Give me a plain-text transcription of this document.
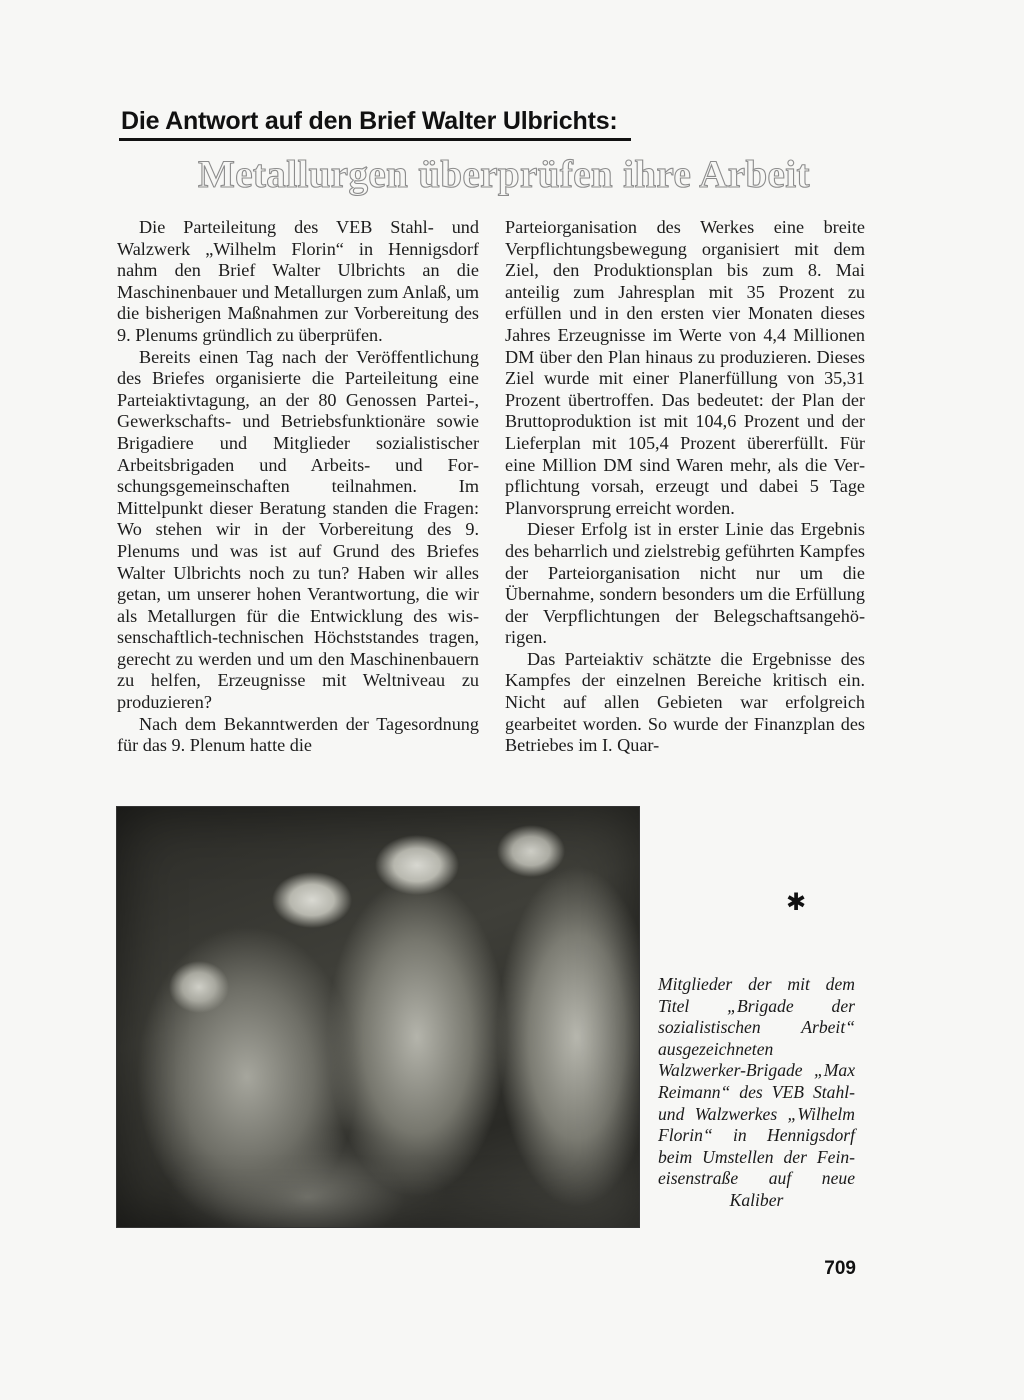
Die Antwort auf den Brief Walter Ulbrichts:
Metallurgen überprüfen ihre Arbeit

Die Parteileitung des VEB Stahl- und Walzwerk „Wilhelm Florin“ in Hennigsdorf nahm den Brief Walter Ulbrichts an die Maschinenbauer und Metallurgen zum Anlaß, um die bisherigen Maßnahmen zur Vorbereitung des 9. Plenums gründlich zu überprüfen.

Bereits einen Tag nach der Veröffentlichung des Briefes organisierte die Parteileitung eine Parteiaktivtagung, an der 80 Genossen Partei-, Gewerkschafts- und Betriebsfunktionäre sowie Brigadiere und Mitglieder sozialistischer Arbeitsbrigaden und Arbeits- und Forschungsgemeinschaften teilnahmen. Im Mittelpunkt dieser Beratung standen die Fragen: Wo stehen wir in der Vorbereitung des 9. Plenums und was ist auf Grund des Briefes Walter Ulbrichts noch zu tun? Haben wir alles getan, um unserer hohen Verantwortung, die wir als Metallurgen für die Entwicklung des wissenschaftlich-technischen Höchststandes tragen, gerecht zu werden und um den Maschinenbauern zu helfen, Erzeugnisse mit Weltniveau zu produzieren?

Nach dem Bekanntwerden der Tagesordnung für das 9. Plenum hatte die

Parteiorganisation des Werkes eine breite Verpflichtungsbewegung organisiert mit dem Ziel, den Produktionsplan bis zum 8. Mai anteilig zum Jahresplan mit 35 Prozent zu erfüllen und in den ersten vier Monaten dieses Jahres Erzeugnisse im Werte von 4,4 Millionen DM über den Plan hinaus zu produzieren. Dieses Ziel wurde mit einer Planerfüllung von 35,31 Prozent übertroffen. Das bedeutet: der Plan der Bruttoproduktion ist mit 104,6 Prozent und der Lieferplan mit 105,4 Prozent übererfüllt. Für eine Million DM sind Waren mehr, als die Verpflichtung vorsah, erzeugt und dabei 5 Tage Planvorsprung erreicht worden.

Dieser Erfolg ist in erster Linie das Ergebnis des beharrlich und zielstrebig geführten Kampfes der Parteiorganisation nicht nur um die Übernahme, sondern besonders um die Erfüllung der Verpflichtungen der Belegschaftsangehörigen.

Das Parteiaktiv schätzte die Ergebnisse des Kampfes der einzelnen Bereiche kritisch ein. Nicht auf allen Gebieten war erfolgreich gearbeitet worden. So wurde der Finanzplan des Betriebes im I. Quar-

✱

Mitglieder der mit dem Titel „Brigade der sozialistischen Arbeit“ ausgezeichneten Walzwerker-Brigade „Max Reimann“ des VEB Stahl- und Walzwerkes „Wilhelm Florin“ in Hennigsdorf beim Umstellen der Feineisenstraße auf neue Kaliber

709
